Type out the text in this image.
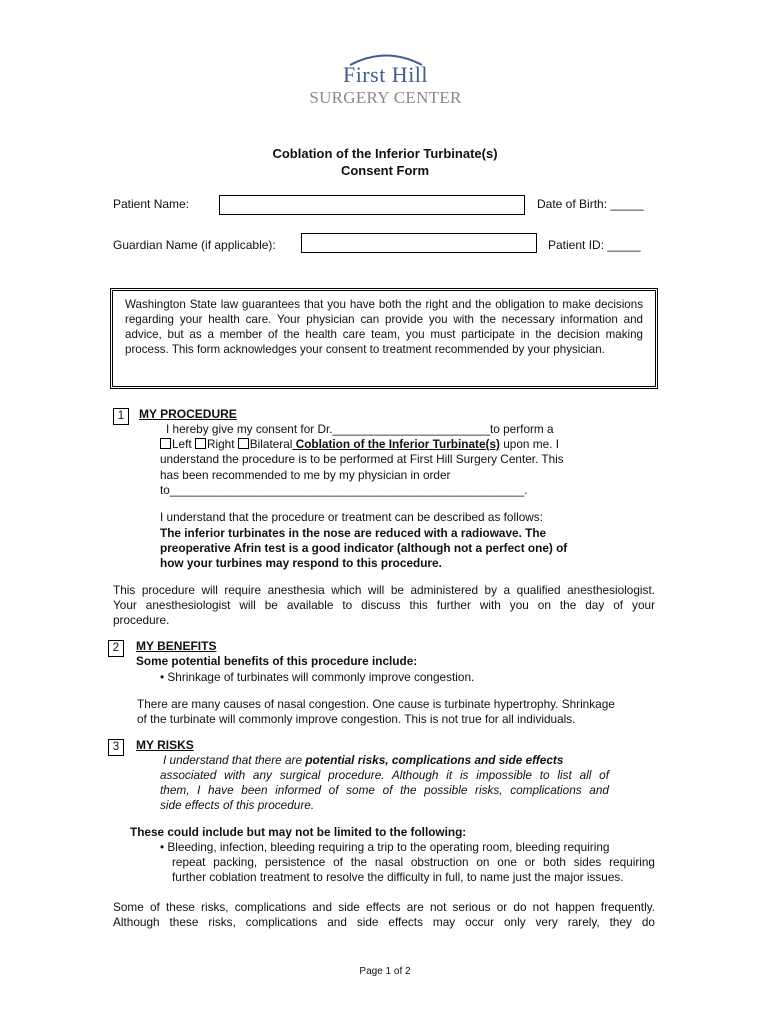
First Hill
SURGERY CENTER
Coblation of the Inferior Turbinate(s)
Consent Form
Patient Name:	Date of Birth: _____
Guardian Name (if applicable):	Patient ID: _____
Washington State law guarantees that you have both the right and the obligation to make decisions regarding your health care. Your physician can provide you with the necessary information and advice, but as a member of the health care team, you must participate in the decision making process. This form acknowledges your consent to treatment recommended by your physician.
1	MY PROCEDURE
I hereby give my consent for Dr.________________________to perform a
Left Right Bilateral Coblation of the Inferior Turbinate(s) upon me. I
understand the procedure is to be performed at First Hill Surgery Center. This
has been recommended to me by my physician in order
to______________________________________________________.
I understand that the procedure or treatment can be described as follows:
The inferior turbinates in the nose are reduced with a radiowave. The
preoperative Afrin test is a good indicator (although not a perfect one) of
how your turbines may respond to this procedure.
This procedure will require anesthesia which will be administered by a qualified anesthesiologist.
Your anesthesiologist will be available to discuss this further with you on the day of your
procedure.
2	MY BENEFITS
Some potential benefits of this procedure include:
• Shrinkage of turbinates will commonly improve congestion.
There are many causes of nasal congestion. One cause is turbinate hypertrophy. Shrinkage
of the turbinate will commonly improve congestion. This is not true for all individuals.
3	MY RISKS
I understand that there are potential risks, complications and side effects
associated with any surgical procedure. Although it is impossible to list all of
them, I have been informed of some of the possible risks, complications and
side effects of this procedure.
These could include but may not be limited to the following:
• Bleeding, infection, bleeding requiring a trip to the operating room, bleeding requiring
repeat packing, persistence of the nasal obstruction on one or both sides requiring
further coblation treatment to resolve the difficulty in full, to name just the major issues.
Some of these risks, complications and side effects are not serious or do not happen frequently.
Although these risks, complications and side effects may occur only very rarely, they do
Page 1 of 2
